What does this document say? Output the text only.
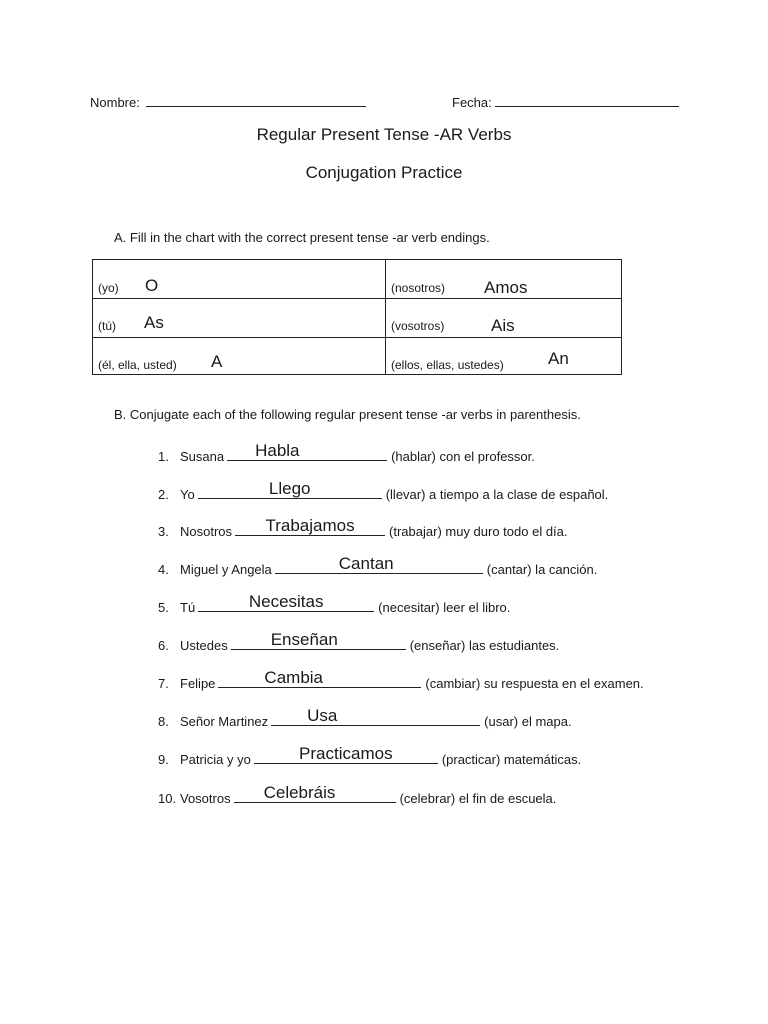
Nombre:	Fecha:
Regular Present Tense -AR Verbs
Conjugation Practice
A. Fill in the chart with the correct present tense -ar verb endings.
(yo) O	(nosotros) Amos
(tú) As	(vosotros)	Ais
(él, ella, usted) A	(ellos, ellas, ustedes)	An
B. Conjugate each of the following regular present tense -ar verbs in parenthesis.
1. Susana	Habla	(hablar) con el professor.
2. Yo	Llego	(llevar) a tiempo a la clase de español.
3. Nosotros	Trabajamos	(trabajar) muy duro todo el día.
4. Miguel y Angela	Cantan	(cantar) la canción.
5. Tú	Necesitas	(necesitar) leer el libro.
6. Ustedes	Enseñan	(enseñar) las estudiantes.
7. Felipe	Cambia	(cambiar) su respuesta en el examen.
8. Señor Martinez	Usa	(usar) el mapa.
9. Patricia y yo	Practicamos	(practicar) matemáticas.
10. Vosotros	Celebráis	(celebrar) el fin de escuela.
